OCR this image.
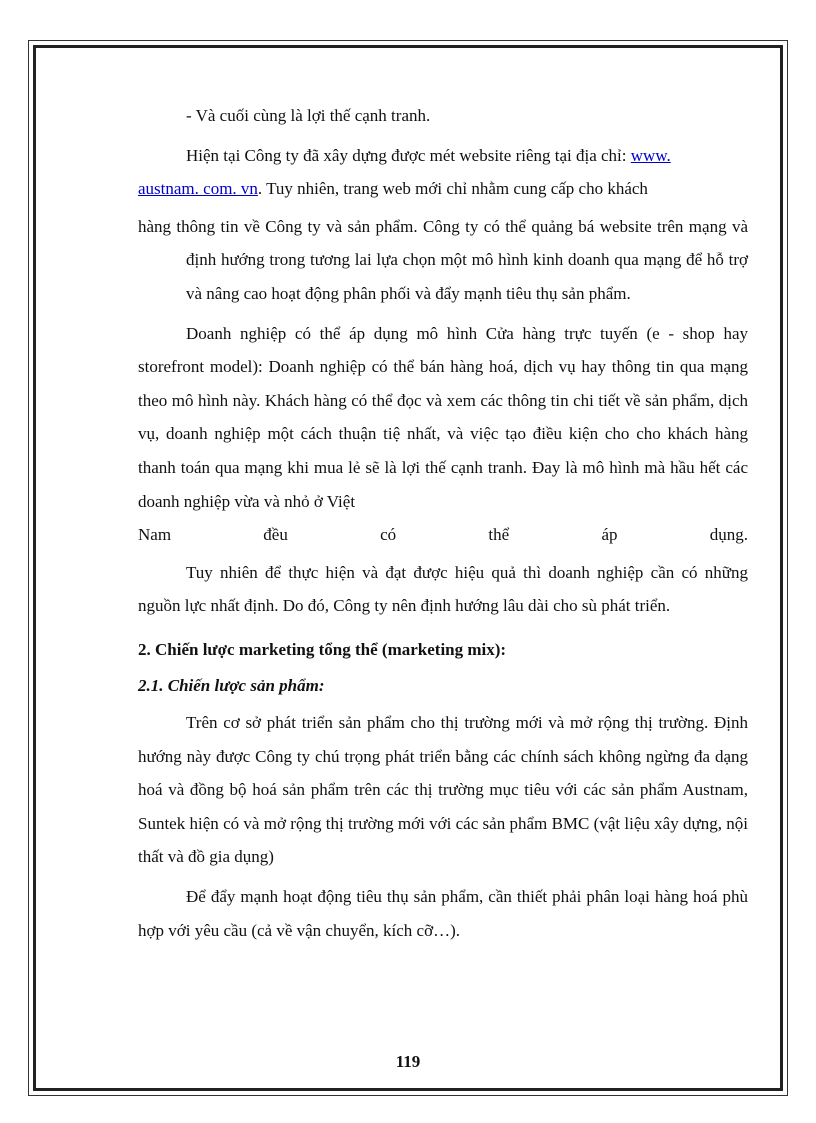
- Và cuối cùng là lợi thế cạnh tranh.

Hiện tại Công ty đã xây dựng được mét website riêng tại địa chỉ: www.
austnam. com. vn. Tuy nhiên, trang web mới chỉ nhằm cung cấp cho khách

hàng thông tin về Công ty và sản phẩm. Công ty có thể quảng bá website trên mạng và định hướng trong tương lai lựa chọn một mô hình kinh doanh qua mạng để hỗ trợ và nâng cao hoạt động phân phối và đẩy mạnh tiêu thụ sản phẩm.

Doanh nghiệp có thể áp dụng mô hình Cửa hàng trực tuyến (e - shop hay storefront model): Doanh nghiệp có thể bán hàng hoá, dịch vụ hay thông tin qua mạng theo mô hình này. Khách hàng có thể đọc và xem các thông tin chi tiết về sản phẩm, dịch vụ, doanh nghiệp một cách thuận tiệ nhất, và việc tạo điều kiện cho cho khách hàng thanh toán qua mạng khi mua lẻ sẽ là lợi thế cạnh tranh. Đay là mô hình mà hầu hết các doanh nghiệp vừa và nhỏ ở Việt

Nam đều có thể áp dụng.

Tuy nhiên để thực hiện và đạt được hiệu quả thì doanh nghiệp cần có những nguồn lực nhất định. Do đó, Công ty nên định hướng lâu dài cho sù phát triển.

2. Chiến lược marketing tổng thể (marketing mix):

2.1. Chiến lược sản phẩm:

Trên cơ sở phát triển sản phẩm cho thị trường mới và mở rộng thị trường. Định hướng này được Công ty chú trọng phát triển bằng các chính sách không ngừng đa dạng hoá và đồng bộ hoá sản phẩm trên các thị trường mục tiêu với các sản phẩm Austnam, Suntek hiện có và mở rộng thị trường mới với các sản phẩm BMC (vật liệu xây dựng, nội thất và đồ gia dụng)

Để đẩy mạnh hoạt động tiêu thụ sản phẩm, cần thiết phải phân loại hàng hoá phù hợp với yêu cầu (cả về vận chuyển, kích cỡ…).

119
